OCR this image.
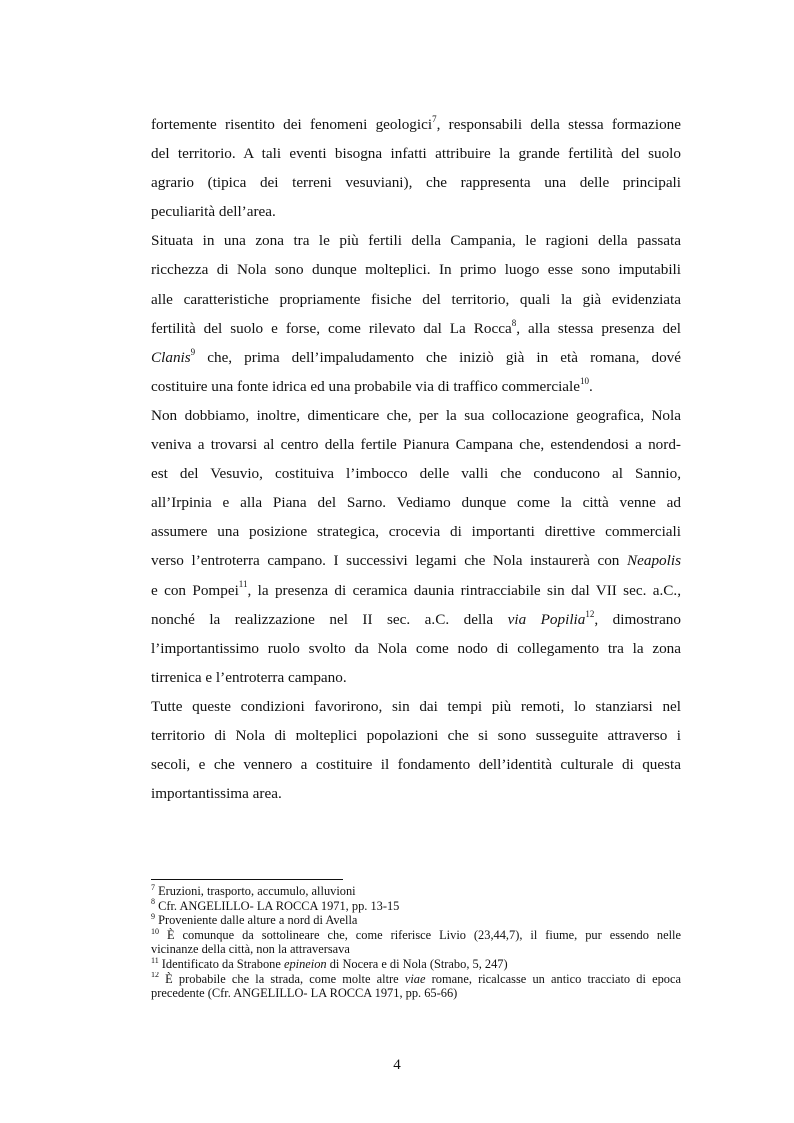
fortemente risentito dei fenomeni geologici$^7$, responsabili della stessa formazione
del territorio. A tali eventi bisogna infatti attribuire la grande fertilità del suolo
agrario (tipica dei terreni vesuviani), che rappresenta una delle principali
peculiarità dell’area.
Situata in una zona tra le più fertili della Campania, le ragioni della passata
ricchezza di Nola sono dunque molteplici. In primo luogo esse sono imputabili
alle caratteristiche propriamente fisiche del territorio, quali la già evidenziata
fertilità del suolo e forse, come rilevato dal La Rocca$^8$, alla stessa presenza del
Clanis$^9$ che, prima dell’impaludamento che iniziò già in età romana, dové
costituire una fonte idrica ed una probabile via di traffico commerciale$^{10}$.
Non dobbiamo, inoltre, dimenticare che, per la sua collocazione geografica, Nola
veniva a trovarsi al centro della fertile Pianura Campana che, estendendosi a nord-
est del Vesuvio, costituiva l’imbocco delle valli che conducono al Sannio,
all’Irpinia e alla Piana del Sarno. Vediamo dunque come la città venne ad
assumere una posizione strategica, crocevia di importanti direttive commerciali
verso l’entroterra campano. I successivi legami che Nola instaurerà con Neapolis
e con Pompei$^{11}$, la presenza di ceramica daunia rintracciabile sin dal VII sec. a.C.,
nonché la realizzazione nel II sec. a.C. della via Popilia$^{12}$, dimostrano
l’importantissimo ruolo svolto da Nola come nodo di collegamento tra la zona
tirrenica e l’entroterra campano.
Tutte queste condizioni favorirono, sin dai tempi più remoti, lo stanziarsi nel
territorio di Nola di molteplici popolazioni che si sono susseguite attraverso i
secoli, e che vennero a costituire il fondamento dell’identità culturale di questa
importantissima area.
$^7$ Eruzioni, trasporto, accumulo, alluvioni
$^8$ Cfr. ANGELILLO- LA ROCCA 1971, pp. 13-15
$^9$ Proveniente dalle alture a nord di Avella
$^{10}$ È comunque da sottolineare che, come riferisce Livio (23,44,7), il fiume, pur essendo nelle
vicinanze della città, non la attraversava
$^{11}$ Identificato da Strabone epineion di Nocera e di Nola (Strabo, 5, 247)
$^{12}$ È probabile che la strada, come molte altre viae romane, ricalcasse un antico tracciato di epoca
precedente (Cfr. ANGELILLO- LA ROCCA 1971, pp. 65-66)
4
